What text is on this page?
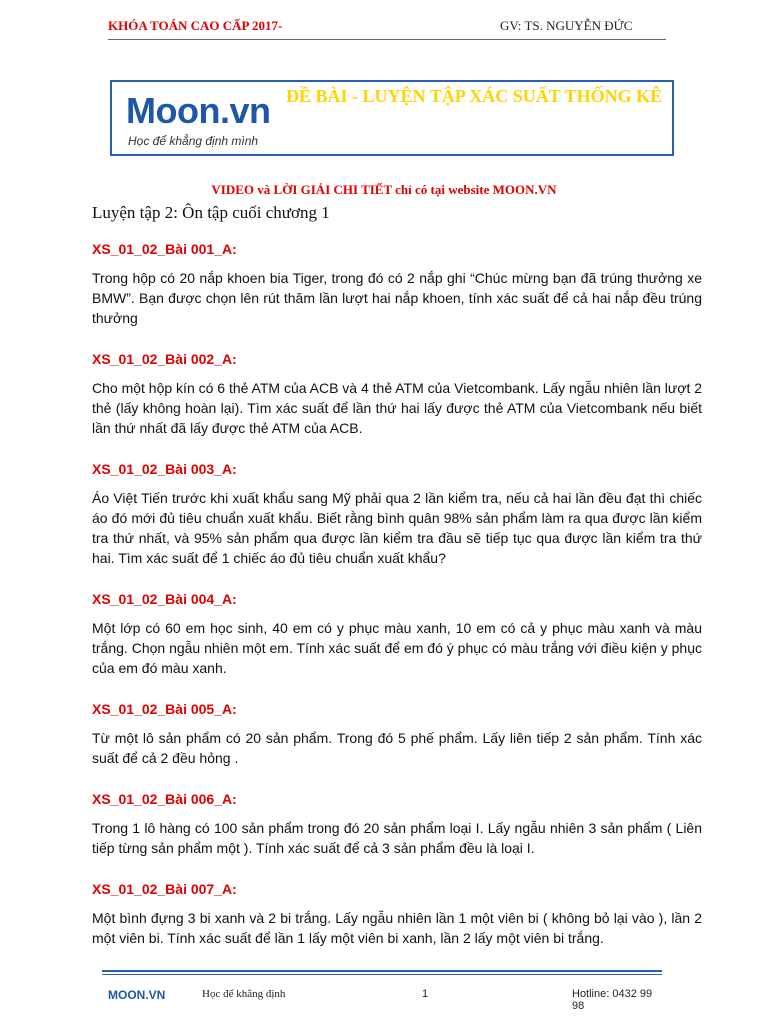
KHÓA TOÁN CAO CẤP 2017-	GV: TS. NGUYỄN ĐỨC
Moon.vn
Học để khẳng định mình
ĐỀ BÀI - LUYỆN TẬP XÁC SUẤT THỐNG KÊ
VIDEO và LỜI GIẢI CHI TIẾT chỉ có tại website MOON.VN
Luyện tập 2: Ôn tập cuối chương 1

XS_01_02_Bài 001_A:

Trong hộp có 20 nắp khoen bia Tiger, trong đó có 2 nắp ghi “Chúc mừng bạn đã trúng thưởng xe BMW”. Bạn được chọn lên rút thăm lần lượt hai nắp khoen, tính xác suất để cả hai nắp đều trúng thưởng

XS_01_02_Bài 002_A:

Cho một hộp kín có 6 thẻ ATM của ACB và 4 thẻ ATM của Vietcombank. Lấy ngẫu nhiên lần lượt 2 thẻ (lấy không hoàn lại). Tìm xác suất để lần thứ hai lấy được thẻ ATM của Vietcombank nếu biết lần thứ nhất đã lấy được thẻ ATM của ACB.

XS_01_02_Bài 003_A:

Áo Việt Tiến trước khi xuất khẩu sang Mỹ phải qua 2 lần kiểm tra, nếu cả hai lần đều đạt thì chiếc áo đó mới đủ tiêu chuẩn xuất khẩu. Biết rằng bình quân 98% sản phẩm làm ra qua được lần kiểm tra thứ nhất, và 95% sản phẩm qua được lần kiểm tra đầu sẽ tiếp tục qua được lần kiểm tra thứ hai. Tìm xác suất để 1 chiếc áo đủ tiêu chuẩn xuất khẩu?

XS_01_02_Bài 004_A:

Một lớp có 60 em học sinh, 40 em có y phục màu xanh, 10 em có cả y phục màu xanh và màu trắng. Chọn ngẫu nhiên một em. Tính xác suất để em đó ý phục có màu trắng với điều kiện y phục của em đó màu xanh.

XS_01_02_Bài 005_A:

Từ một lô sản phẩm có 20 sản phẩm. Trong đó 5 phế phẩm. Lấy liên tiếp 2 sản phẩm. Tính xác suất để cả 2 đều hỏng .

XS_01_02_Bài 006_A:

Trong 1 lô hàng có 100 sản phẩm trong đó 20 sản phẩm loại I. Lấy ngẫu nhiên 3 sản phẩm ( Liên tiếp từng sản phẩm một ). Tính xác suất để cả 3 sản phẩm đều là loại I.

XS_01_02_Bài 007_A:

Một bình đựng 3 bi xanh và 2 bi trắng. Lấy ngẫu nhiên lần 1 một viên bi ( không bỏ lại vào ), lần 2 một viên bi. Tính xác suất để lần 1 lấy một viên bi xanh, lần 2 lấy một viên bi trắng.

MOON.VN	Học để khẳng định	1	Hotline: 0432 99 98
